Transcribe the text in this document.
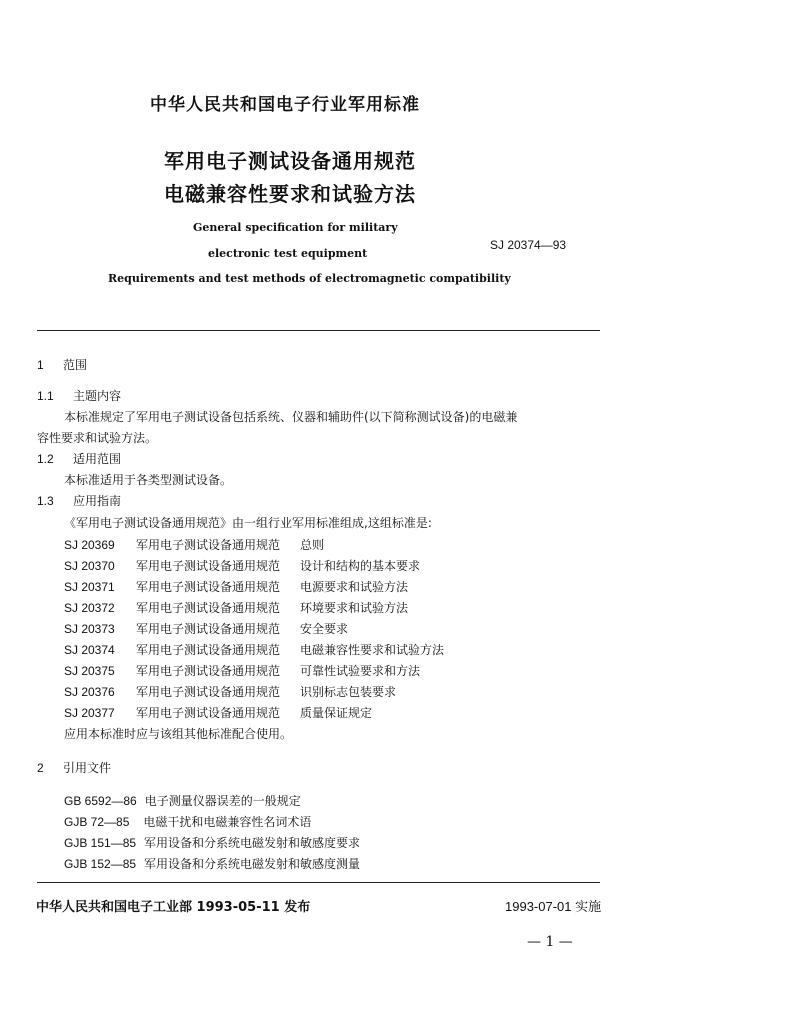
中华人民共和国电子行业军用标准
军用电子测试设备通用规范
电磁兼容性要求和试验方法
General specification for military
electronic test equipment
Requirements and test methods of electromagnetic compatibility
SJ 20374—93
1 范围
1.1 主题内容
本标准规定了军用电子测试设备包括系统、仪器和辅助件(以下简称测试设备)的电磁兼
容性要求和试验方法。
1.2 适用范围
本标准适用于各类型测试设备。
1.3 应用指南
《军用电子测试设备通用规范》由一组行业军用标准组成,这组标准是:
SJ 20369 军用电子测试设备通用规范 总则
SJ 20370 军用电子测试设备通用规范 设计和结构的基本要求
SJ 20371 军用电子测试设备通用规范 电源要求和试验方法
SJ 20372 军用电子测试设备通用规范 环境要求和试验方法
SJ 20373 军用电子测试设备通用规范 安全要求
SJ 20374 军用电子测试设备通用规范 电磁兼容性要求和试验方法
SJ 20375 军用电子测试设备通用规范 可靠性试验要求和方法
SJ 20376 军用电子测试设备通用规范 识别标志包装要求
SJ 20377 军用电子测试设备通用规范 质量保证规定
应用本标准时应与该组其他标准配合使用。
2 引用文件
GB 6592—86 电子测量仪器误差的一般规定
GJB 72—85 电磁干扰和电磁兼容性名词术语
GJB 151—85 军用设备和分系统电磁发射和敏感度要求
GJB 152—85 军用设备和分系统电磁发射和敏感度测量
中华人民共和国电子工业部 1993-05-11 发布	1993-07-01 实施
— 1 —
